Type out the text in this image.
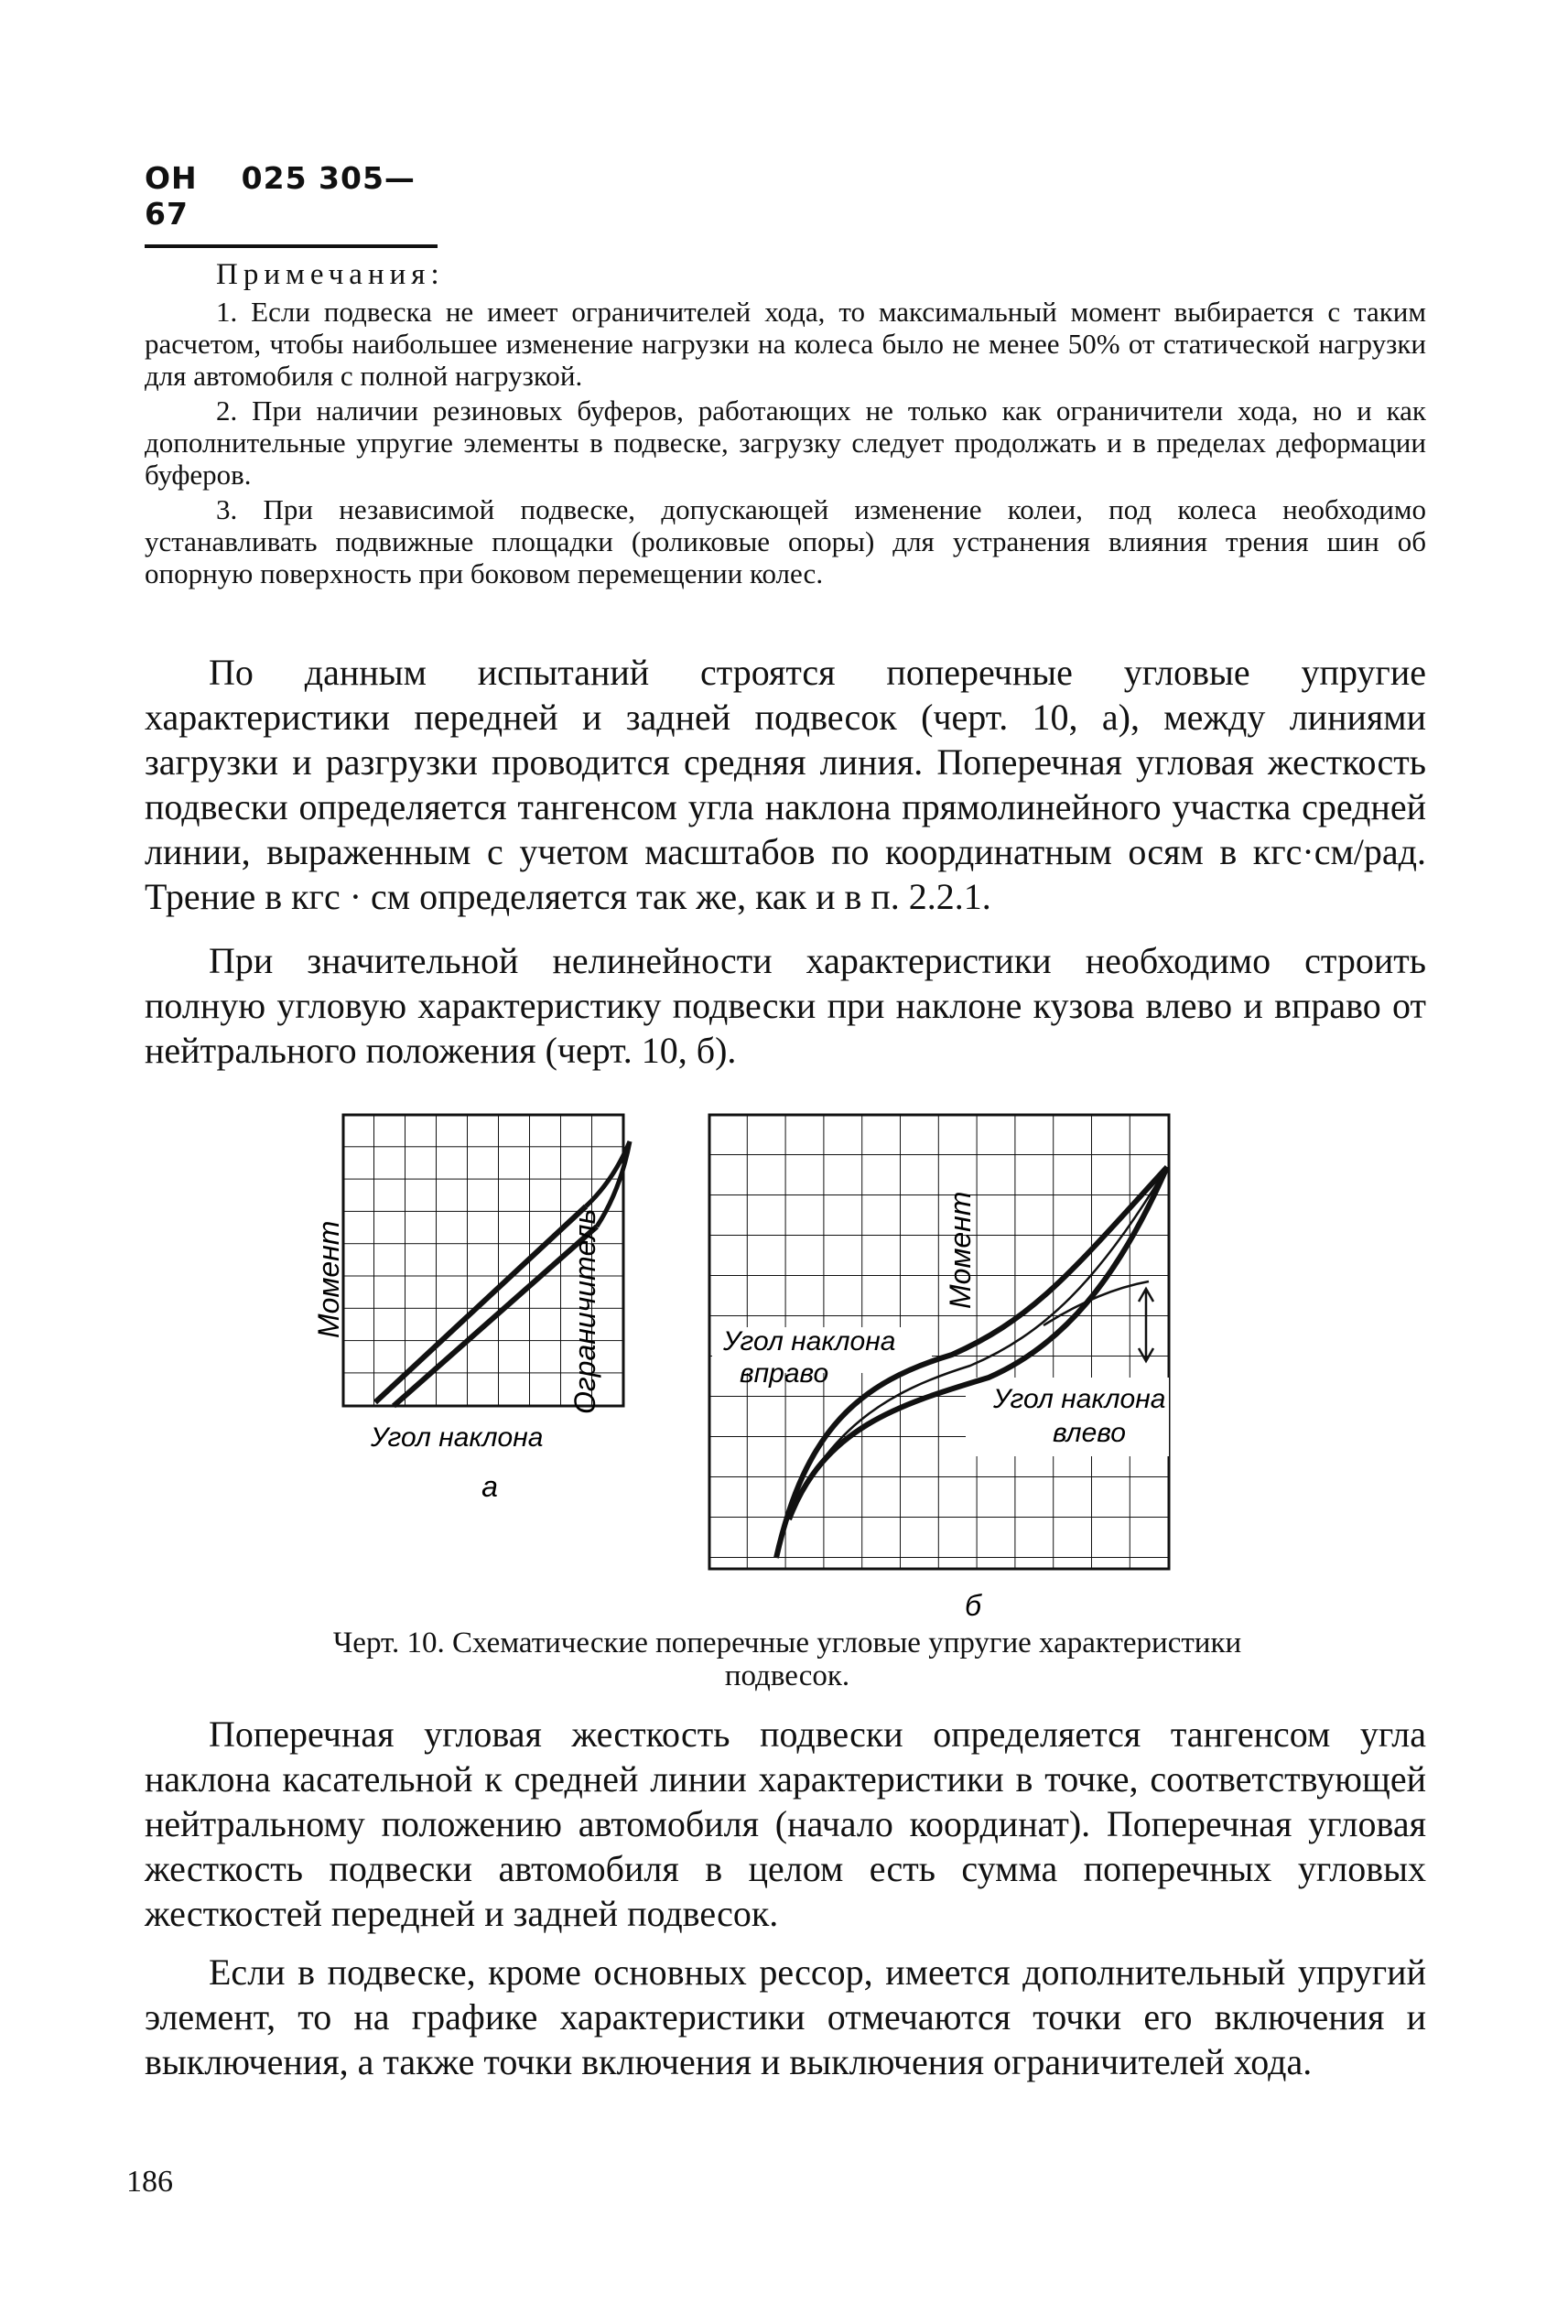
ОН 025 305—67
Примечания:

1. Если подвеска не имеет ограничителей хода, то максимальный момент выбирается с таким расчетом, чтобы наибольшее изменение нагрузки на колеса было не менее 50% от статической нагрузки для автомобиля с полной нагрузкой.

2. При наличии резиновых буферов, работающих не только как ограничители хода, но и как дополнительные упругие элементы в подвеске, загрузку следует продолжать и в пределах деформации буферов.

3. При независимой подвеске, допускающей изменение колеи, под колеса необходимо устанавливать подвижные площадки (роликовые опоры) для устранения влияния трения шин об опорную поверхность при боковом перемещении колес.

По данным испытаний строятся поперечные угловые упругие характеристики передней и задней подвесок (черт. 10, а), между линиями загрузки и разгрузки проводится средняя линия. Поперечная угловая жесткость подвески определяется тангенсом угла наклона прямолинейного участка средней линии, выраженным с учетом масштабов по координатным осям в кгс·см/рад. Трение в кгс · см определяется так же, как и в п. 2.2.1.

При значительной нелинейности характеристики необходимо строить полную угловую характеристику подвески при наклоне кузова влево и вправо от нейтрального положения (черт. 10, б).

Момент	Ограничитель
Угол наклона
а
Момент
Угол наклона
вправо
Угол наклона
влево
б
Черт. 10. Схематические поперечные угловые упругие характеристики подвесок.

Поперечная угловая жесткость подвески определяется тангенсом угла наклона касательной к средней линии характеристики в точке, соответствующей нейтральному положению автомобиля (начало координат). Поперечная угловая жесткость подвески автомобиля в целом есть сумма поперечных угловых жесткостей передней и задней подвесок.

Если в подвеске, кроме основных рессор, имеется дополнительный упругий элемент, то на графике характеристики отмечаются точки его включения и выключения, а также точки включения и выключения ограничителей хода.

186
